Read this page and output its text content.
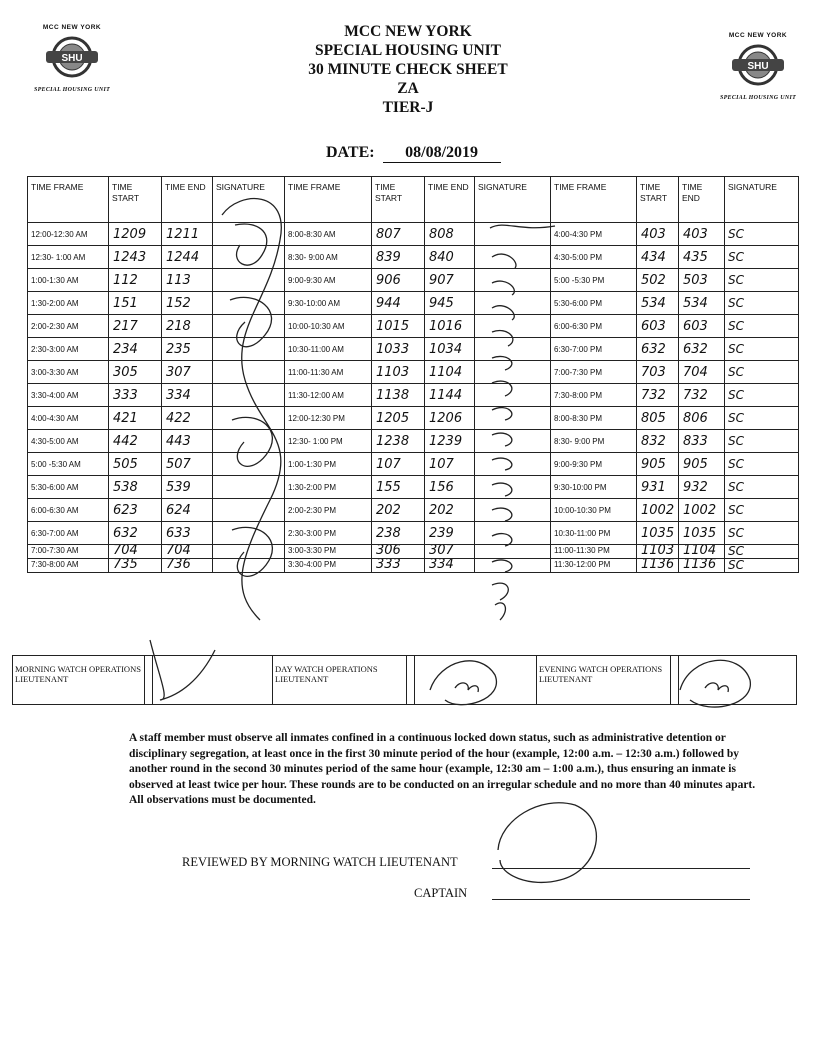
MCC NEW YORK
SHU
SPECIAL HOUSING UNIT
MCC NEW YORK
SHU
SPECIAL HOUSING UNIT
MCC NEW YORK
SPECIAL HOUSING UNIT
30 MINUTE CHECK SHEET
ZA
TIER-J
DATE: 08/08/2019
TIME FRAME	TIME START	TIME END	SIGNATURE	TIME FRAME	TIME START	TIME END	SIGNATURE	TIME FRAME	TIME START	TIME END	SIGNATURE
12:00-12:30 AM	1209	1211		8:00-8:30 AM	807	808		4:00-4:30 PM	403	403	SC
12:30- 1:00 AM	1243	1244		8:30- 9:00 AM	839	840		4:30-5:00 PM	434	435	SC
1:00-1:30 AM	112	113		9:00-9:30 AM	906	907		5:00 -5:30 PM	502	503	SC
1:30-2:00 AM	151	152		9:30-10:00 AM	944	945		5:30-6:00 PM	534	534	SC
2:00-2:30 AM	217	218		10:00-10:30 AM	1015	1016		6:00-6:30 PM	603	603	SC
2:30-3:00 AM	234	235		10:30-11:00 AM	1033	1034		6:30-7:00 PM	632	632	SC
3:00-3:30 AM	305	307		11:00-11:30 AM	1103	1104		7:00-7:30 PM	703	704	SC
3:30-4:00 AM	333	334		11:30-12:00 AM	1138	1144		7:30-8:00 PM	732	732	SC
4:00-4:30 AM	421	422		12:00-12:30 PM	1205	1206		8:00-8:30 PM	805	806	SC
4:30-5:00 AM	442	443		12:30- 1:00 PM	1238	1239		8:30- 9:00 PM	832	833	SC
5:00 -5:30 AM	505	507		1:00-1:30 PM	107	107		9:00-9:30 PM	905	905	SC
5:30-6:00 AM	538	539		1:30-2:00 PM	155	156		9:30-10:00 PM	931	932	SC
6:00-6:30 AM	623	624		2:00-2:30 PM	202	202		10:00-10:30 PM	1002	1002	SC
6:30-7:00 AM	632	633		2:30-3:00 PM	238	239		10:30-11:00 PM	1035	1035	SC
7:00-7:30 AM	704	704		3:00-3:30 PM	306	307		11:00-11:30 PM	1103	1104	SC
7:30-8:00 AM	735	736		3:30-4:00 PM	333	334		11:30-12:00 PM	1136	1136	SC
MORNING WATCH OPERATIONS LIEUTENANT
DAY WATCH OPERATIONS LIEUTENANT
EVENING WATCH OPERATIONS LIEUTENANT
A staff member must observe all inmates confined in a continuous locked down status, such as administrative detention or disciplinary segregation, at least once in the first 30 minute period of the hour (example, 12:00 a.m. – 12:30 a.m.) followed by another round in the second 30 minutes period of the same hour (example, 12:30 am – 1:00 a.m.), thus ensuring an inmate is observed at least twice per hour. These rounds are to be conducted on an irregular schedule and no more than 40 minutes apart. All observations must be documented.
REVIEWED BY MORNING WATCH LIEUTENANT
CAPTAIN
